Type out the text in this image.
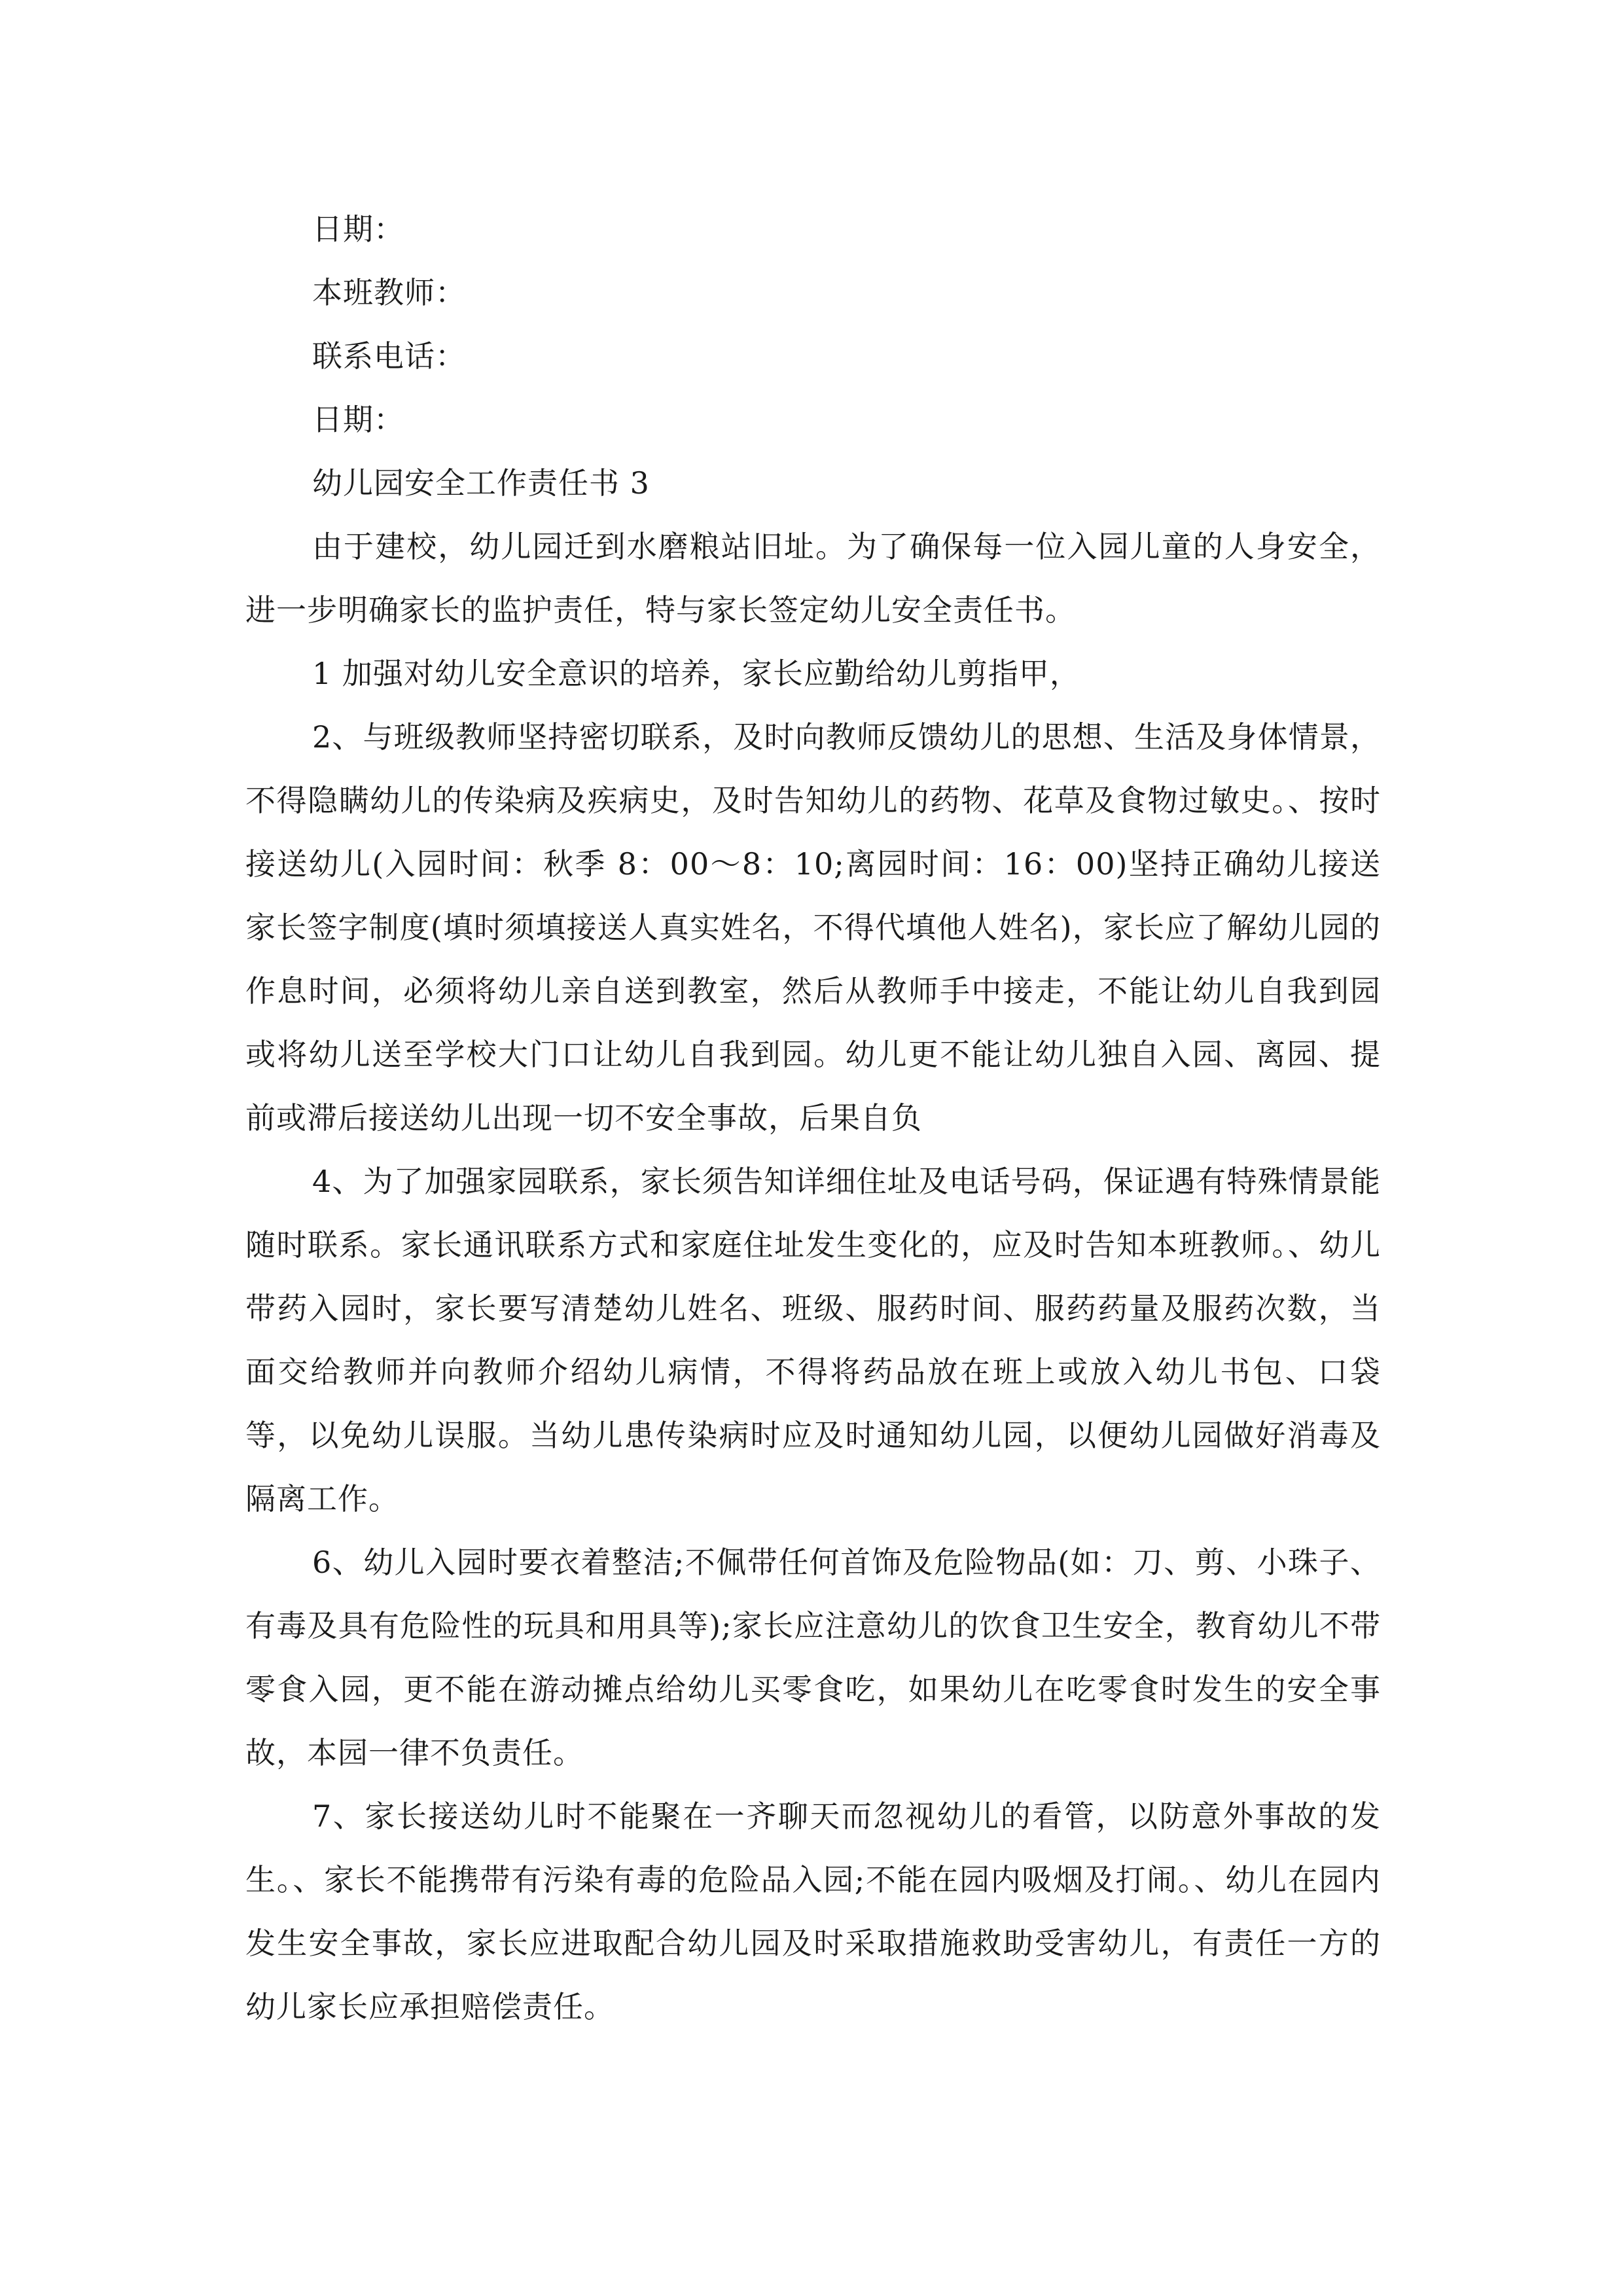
日期：

本班教师：

联系电话：

日期：

幼儿园安全工作责任书 3

由于建校，幼儿园迁到水磨粮站旧址。为了确保每一位入园儿童的人身安全，进一步明确家长的监护责任，特与家长签定幼儿安全责任书。

1 加强对幼儿安全意识的培养，家长应勤给幼儿剪指甲，

2、与班级教师坚持密切联系，及时向教师反馈幼儿的思想、生活及身体情景，不得隐瞒幼儿的传染病及疾病史，及时告知幼儿的药物、花草及食物过敏史。、按时接送幼儿(入园时间：秋季 8：00～8：10;离园时间：16：00)坚持正确幼儿接送家长签字制度(填时须填接送人真实姓名，不得代填他人姓名)，家长应了解幼儿园的作息时间，必须将幼儿亲自送到教室，然后从教师手中接走，不能让幼儿自我到园或将幼儿送至学校大门口让幼儿自我到园。幼儿更不能让幼儿独自入园、离园、提前或滞后接送幼儿出现一切不安全事故，后果自负

4、为了加强家园联系，家长须告知详细住址及电话号码，保证遇有特殊情景能随时联系。家长通讯联系方式和家庭住址发生变化的，应及时告知本班教师。、幼儿带药入园时，家长要写清楚幼儿姓名、班级、服药时间、服药药量及服药次数，当面交给教师并向教师介绍幼儿病情，不得将药品放在班上或放入幼儿书包、口袋等，以免幼儿误服。当幼儿患传染病时应及时通知幼儿园，以便幼儿园做好消毒及隔离工作。

6、幼儿入园时要衣着整洁;不佩带任何首饰及危险物品(如：刀、剪、小珠子、有毒及具有危险性的玩具和用具等);家长应注意幼儿的饮食卫生安全，教育幼儿不带零食入园，更不能在游动摊点给幼儿买零食吃，如果幼儿在吃零食时发生的安全事故，本园一律不负责任。

7、家长接送幼儿时不能聚在一齐聊天而忽视幼儿的看管，以防意外事故的发生。、家长不能携带有污染有毒的危险品入园;不能在园内吸烟及打闹。、幼儿在园内发生安全事故，家长应进取配合幼儿园及时采取措施救助受害幼儿，有责任一方的幼儿家长应承担赔偿责任。
